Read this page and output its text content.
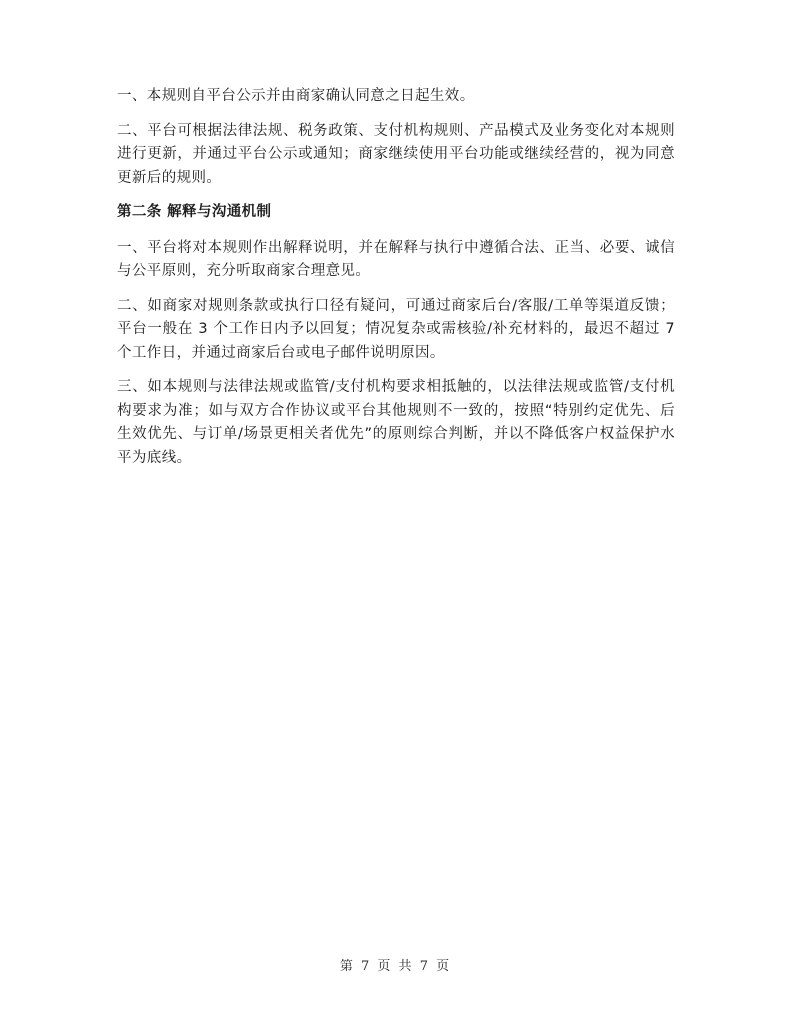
一、本规则自平台公示并由商家确认同意之日起生效。

二、平台可根据法律法规、税务政策、支付机构规则、产品模式及业务变化对本规则进行更新，并通过平台公示或通知；商家继续使用平台功能或继续经营的，视为同意更新后的规则。

第二条 解释与沟通机制

一、平台将对本规则作出解释说明，并在解释与执行中遵循合法、正当、必要、诚信与公平原则，充分听取商家合理意见。

二、如商家对规则条款或执行口径有疑问，可通过商家后台/客服/工单等渠道反馈；平台一般在 3 个工作日内予以回复；情况复杂或需核验/补充材料的，最迟不超过 7 个工作日，并通过商家后台或电子邮件说明原因。

三、如本规则与法律法规或监管/支付机构要求相抵触的，以法律法规或监管/支付机构要求为准；如与双方合作协议或平台其他规则不一致的，按照“特别约定优先、后生效优先、与订单/场景更相关者优先”的原则综合判断，并以不降低客户权益保护水平为底线。

第 7 页 共 7 页
